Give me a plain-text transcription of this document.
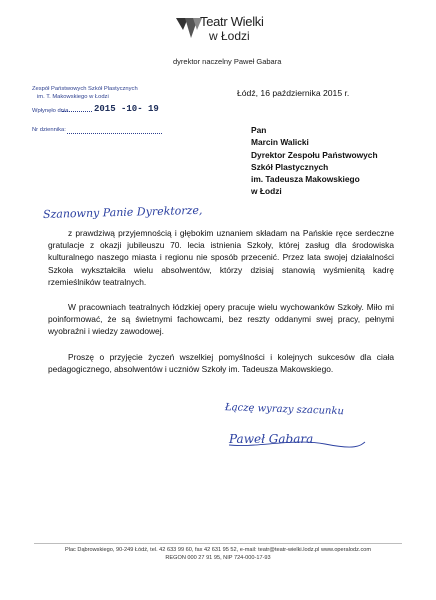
Teatr Wielki
w Łodzi
dyrektor naczelny Paweł Gabara
Zespół Państwowych Szkół Plastycznych
im. T. Makowskiego w Łodzi
Wpłynęło dnia	2015 -10- 19
Nr dziennika:
Łódź, 16 października 2015 r.
Pan
Marcin Walicki
Dyrektor Zespołu Państwowych
Szkół Plastycznych
im. Tadeusza Makowskiego
w Łodzi
Szanowny Panie Dyrektorze,

z prawdziwą przyjemnością i głębokim uznaniem składam na Pańskie ręce serdeczne gratulacje z okazji jubileuszu 70. lecia istnienia Szkoły, której zasług dla środowiska kulturalnego naszego miasta i regionu nie sposób przecenić. Przez lata swojej działalności Szkoła wykształciła wielu absolwentów, którzy dzisiaj stanowią wyśmienitą kadrę rzemieślników teatralnych.

W pracowniach teatralnych łódzkiej opery pracuje wielu wychowanków Szkoły. Miło mi poinformować, że są świetnymi fachowcami, bez reszty oddanymi swej pracy, pełnymi wyobraźni i wiedzy zawodowej.

Proszę o przyjęcie życzeń wszelkiej pomyślności i kolejnych sukcesów dla ciała pedagogicznego, absolwentów i uczniów Szkoły im. Tadeusza Makowskiego.

Łączę wyrazy szacunku
Paweł Gabara
Plac Dąbrowskiego, 90-249 Łódź, tel. 42 633 99 60, fax 42 631 95 52, e-mail: teatr@teatr-wielki.lodz.pl www.operalodz.com
REGON 000 27 91 95, NIP 724-000-17-93
